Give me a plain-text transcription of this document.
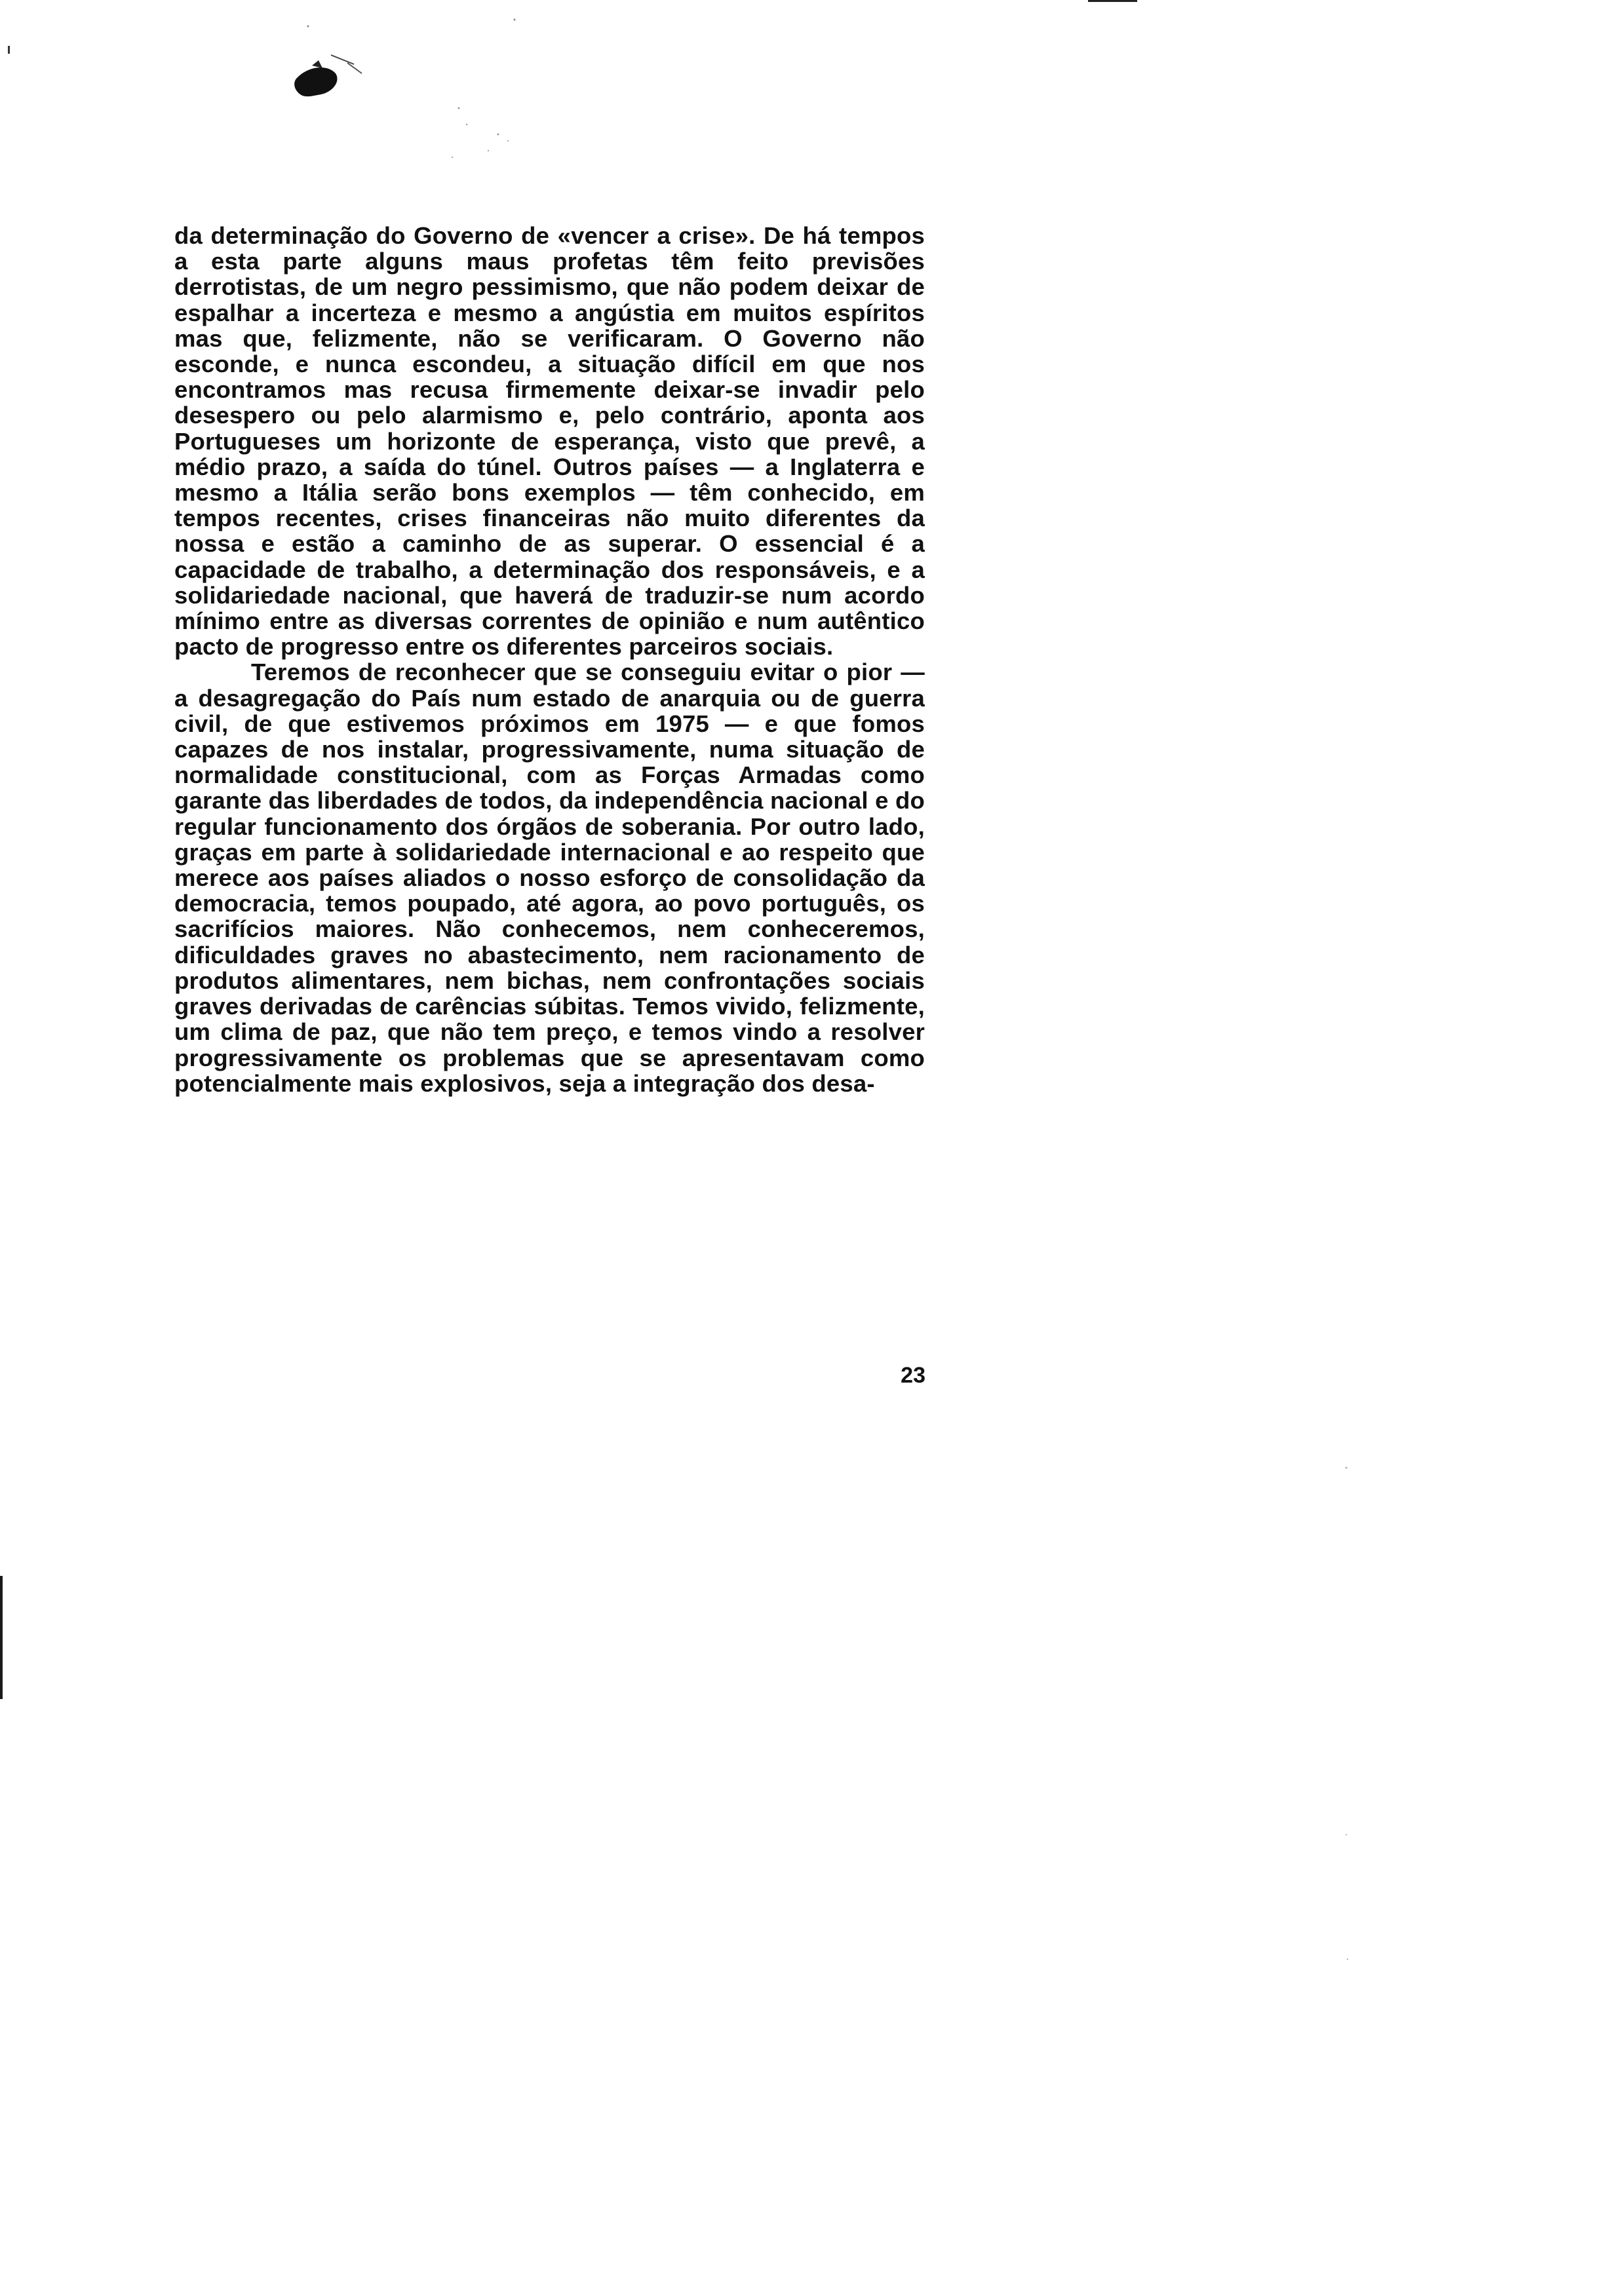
da determinação do Governo de «vencer a crise». De há tempos a esta parte alguns maus profetas têm feito previsões derrotistas, de um negro pessimismo, que não podem deixar de espalhar a incerteza e mesmo a angústia em muitos espíritos mas que, felizmente, não se verificaram. O Governo não esconde, e nunca escondeu, a situação difícil em que nos encontramos mas recusa firmemente deixar-se invadir pelo desespero ou pelo alarmismo e, pelo contrário, aponta aos Portugueses um horizonte de esperança, visto que prevê, a médio prazo, a saída do túnel. Outros países — a Inglaterra e mesmo a Itália serão bons exemplos — têm conhecido, em tempos recentes, crises financeiras não muito diferentes da nossa e estão a caminho de as superar. O essencial é a capacidade de trabalho, a determinação dos responsáveis, e a solidariedade nacional, que haverá de traduzir-se num acordo mínimo entre as diversas correntes de opinião e num autêntico pacto de progresso entre os diferentes parceiros sociais.

Teremos de reconhecer que se conseguiu evitar o pior — a desagregação do País num estado de anarquia ou de guerra civil, de que estivemos próximos em 1975 — e que fomos capazes de nos instalar, progressivamente, numa situação de normalidade constitucional, com as Forças Armadas como garante das liberdades de todos, da independência nacional e do regular funcionamento dos órgãos de soberania. Por outro lado, graças em parte à solidariedade internacional e ao respeito que merece aos países aliados o nosso esforço de consolidação da democracia, temos poupado, até agora, ao povo português, os sacrifícios maiores. Não conhecemos, nem conheceremos, dificuldades graves no abastecimento, nem racionamento de produtos alimentares, nem bichas, nem confrontações sociais graves derivadas de carências súbitas. Temos vivido, felizmente, um clima de paz, que não tem preço, e temos vindo a resolver progressivamente os problemas que se apresentavam como potencialmente mais explosivos, seja a integração dos desa-

23
